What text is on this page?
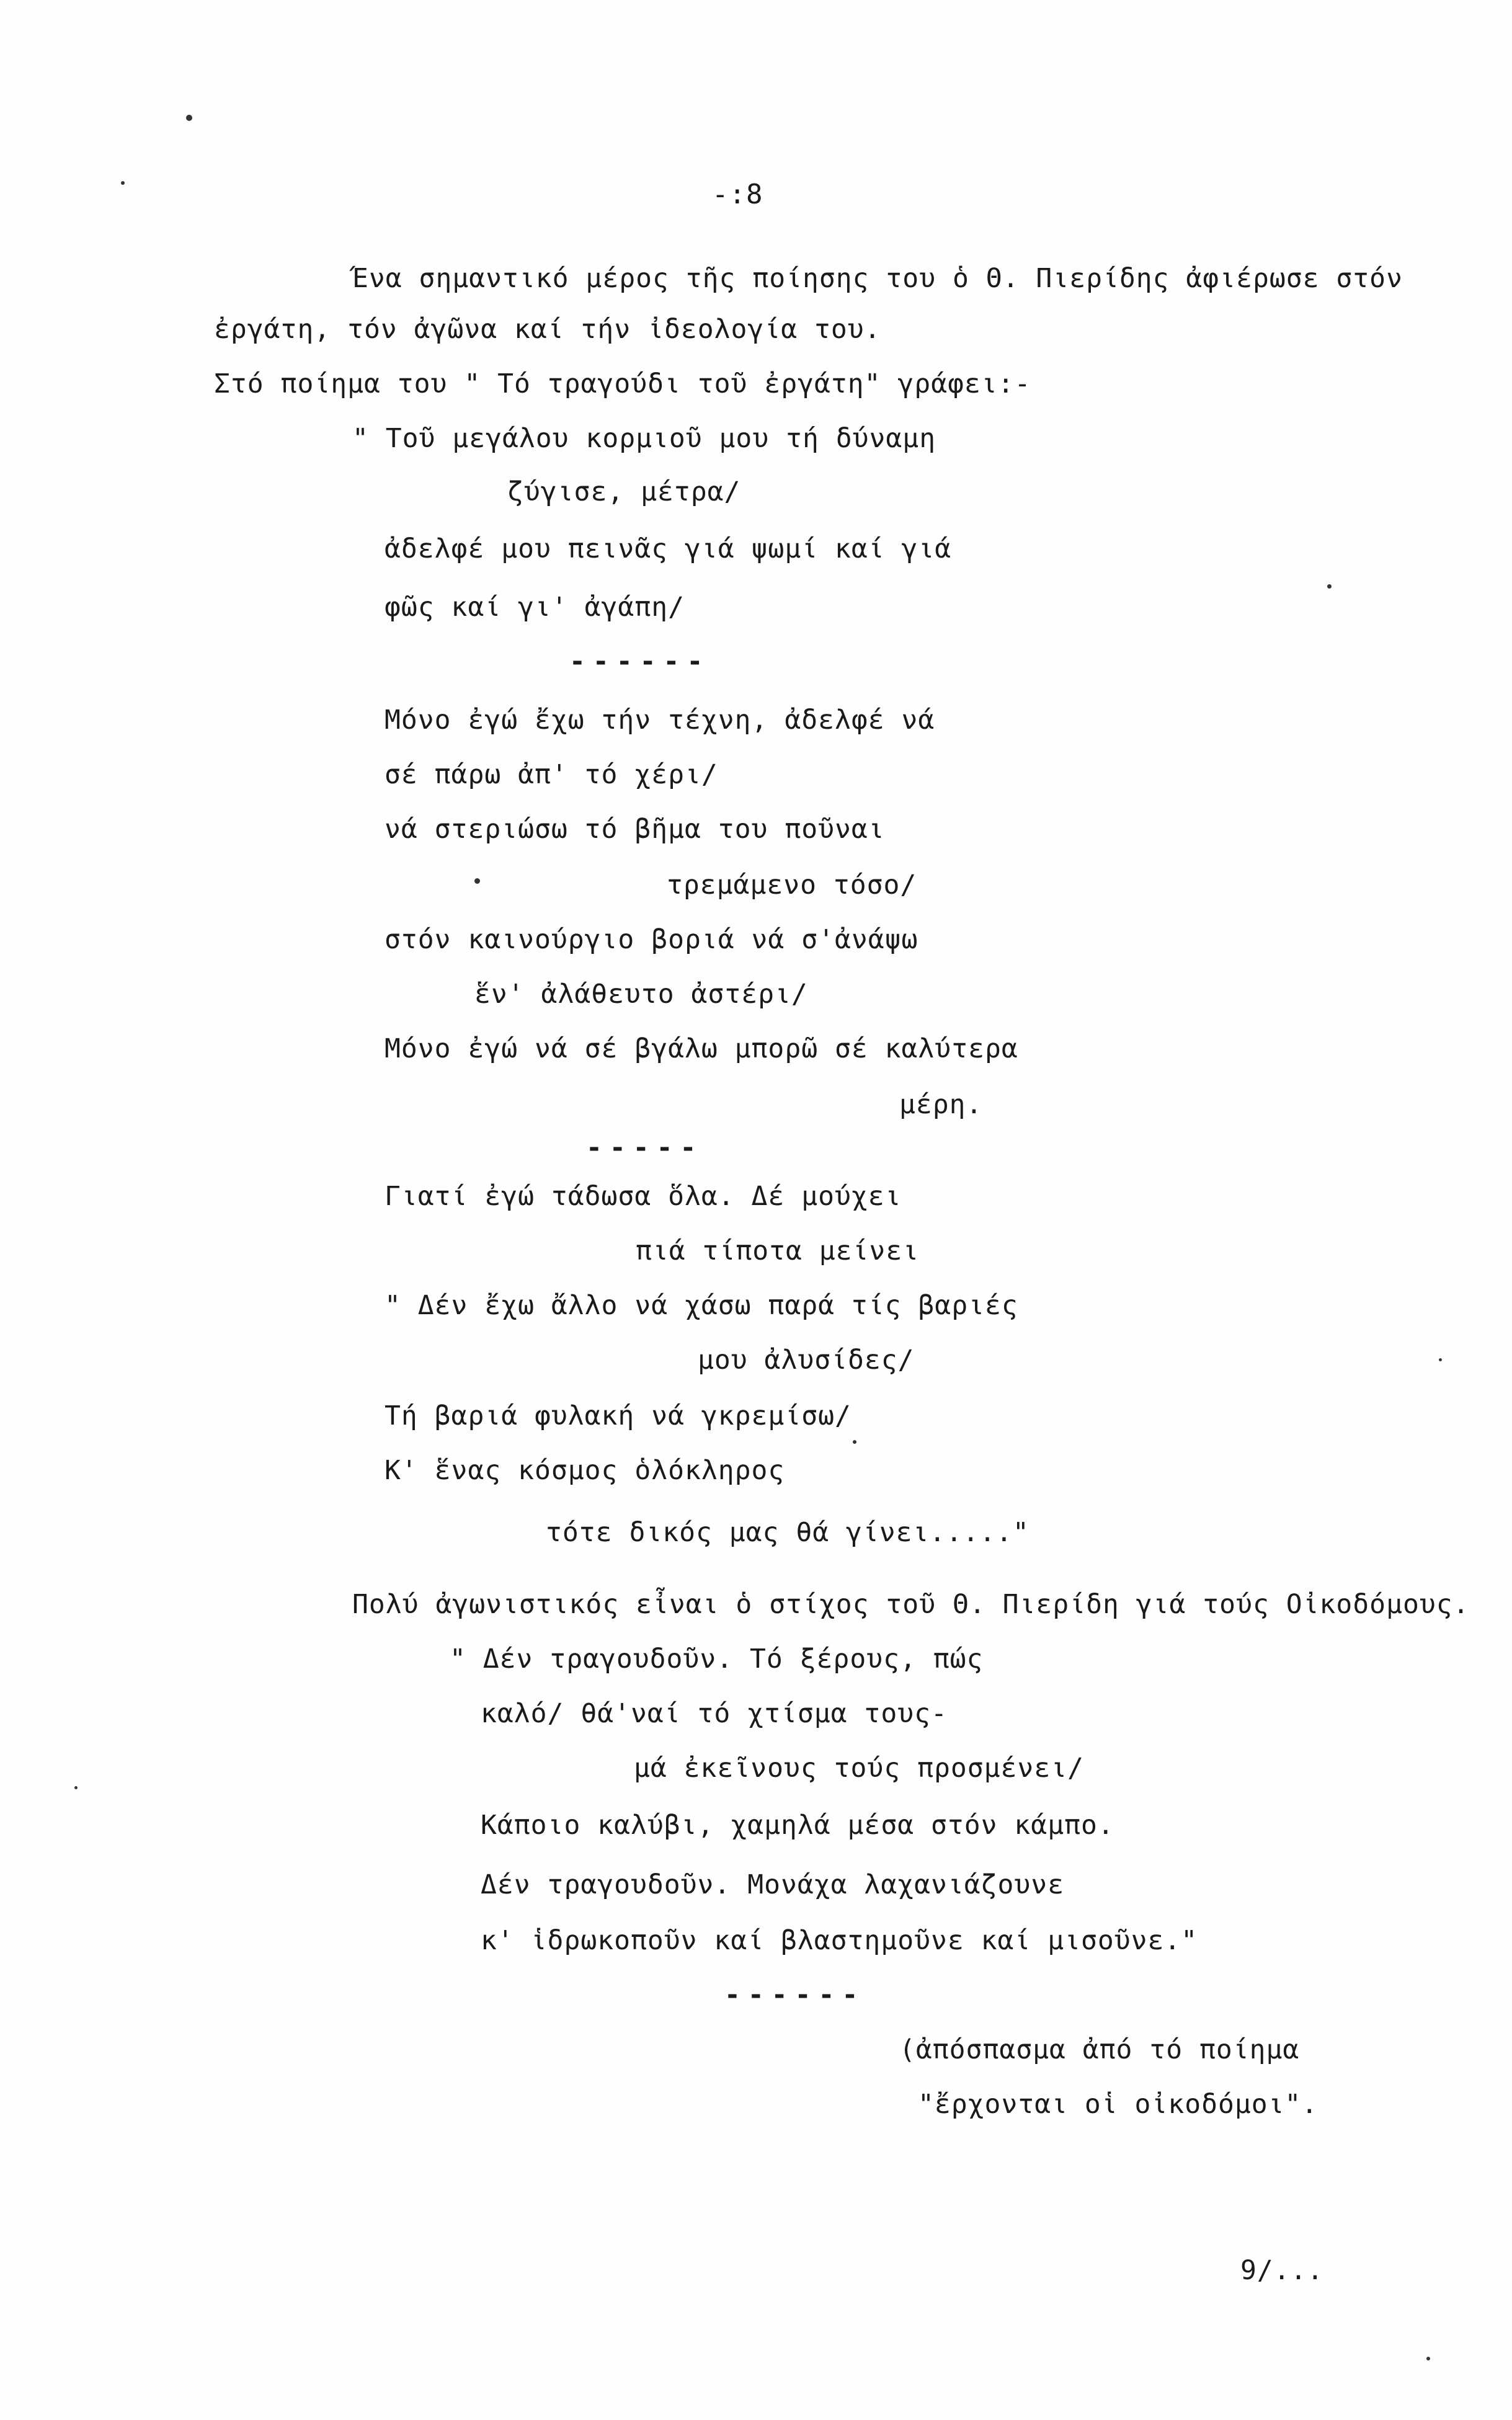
-:8
Ένα σημαντικό μέρος τῆς ποίησης του ὁ Θ. Πιερίδης ἀφιέρωσε στόν
ἐργάτη, τόν ἀγῶνα καί τήν ἰδεολογία του.
Στό ποίημα του " Τό τραγούδι τοῦ ἐργάτη" γράφει:-
" Τοῦ μεγάλου κορμιοῦ μου τή δύναμη
ζύγισε, μέτρα/
ἀδελφέ μου πεινᾶς γιά ψωμί καί γιά
φῶς καί γι' ἀγάπη/
------
Μόνο ἐγώ ἔχω τήν τέχνη, ἀδελφέ νά
σέ πάρω ἀπ' τό χέρι/
νά στεριώσω τό βῆμα του ποῦναι
τρεμάμενο τόσο/
στόν καινούργιο βοριά νά σ'ἀνάψω
ἕν' ἀλάθευτο ἀστέρι/
Μόνο ἐγώ νά σέ βγάλω μπορῶ σέ καλύτερα
μέρη.
-----
Γιατί ἐγώ τάδωσα ὅλα. Δέ μούχει
πιά τίποτα μείνει
" Δέν ἔχω ἄλλο νά χάσω παρά τίς βαριές
μου ἀλυσίδες/
Τή βαριά φυλακή νά γκρεμίσω/
Κ' ἕνας κόσμος ὁλόκληρος
τότε δικός μας θά γίνει....."
Πολύ ἀγωνιστικός εἶναι ὁ στίχος τοῦ Θ. Πιερίδη γιά τούς Οἰκοδόμους.
" Δέν τραγουδοῦν. Τό ξέρους, πώς
καλό/ θά'ναί τό χτίσμα τους-
μά ἐκεῖνους τούς προσμένει/
Κάποιο καλύβι, χαμηλά μέσα στόν κάμπο.
Δέν τραγουδοῦν. Μονάχα λαχανιάζουνε
κ' ἱδρωκοποῦν καί βλαστημοῦνε καί μισοῦνε."
------
(ἀπόσπασμα ἀπό τό ποίημα
"ἔρχονται οἱ οἰκοδόμοι".
9/...
